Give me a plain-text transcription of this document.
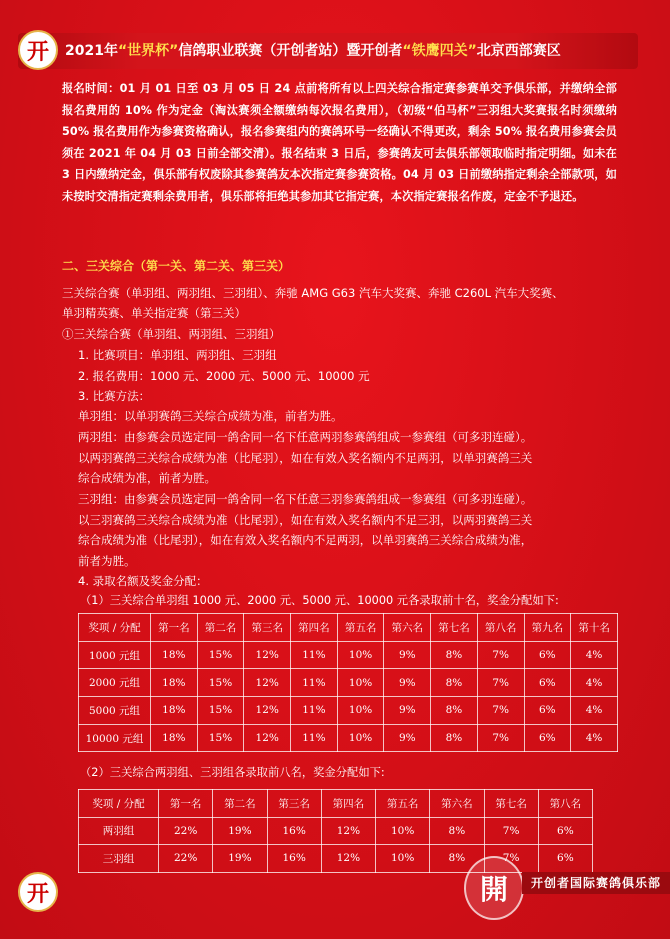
开 2021年“世界杯”信鸽职业联赛（开创者站）暨开创者“铁鹰四关”北京西部赛区
报名时间：01 月 01 日至 03 月 05 日 24 点前将所有以上四关综合指定赛参赛单交予俱乐部，并缴纳全部报名费用的 10% 作为定金（淘汰赛须全额缴纳每次报名费用），（初级“伯马杯”三羽组大奖赛报名时须缴纳 50% 报名费用作为参赛资格确认，报名参赛组内的赛鸽环号一经确认不得更改，剩余 50% 报名费用参赛会员须在 2021 年 04 月 03 日前全部交清）。报名结束 3 日后，参赛鸽友可去俱乐部领取临时指定明细。如未在 3 日内缴纳定金，俱乐部有权废除其参赛鸽友本次指定赛参赛资格。04 月 03 日前缴纳指定剩余全部款项，如未按时交清指定赛剩余费用者，俱乐部将拒绝其参加其它指定赛，本次指定赛报名作废，定金不予退还。
二、三关综合（第一关、第二关、第三关）
三关综合赛（单羽组、两羽组、三羽组）、奔驰 AMG G63 汽车大奖赛、奔驰 C260L 汽车大奖赛、
单羽精英赛、单关指定赛（第三关）
①三关综合赛（单羽组、两羽组、三羽组）
1. 比赛项目：单羽组、两羽组、三羽组
2. 报名费用：1000 元、2000 元、5000 元、10000 元
3. 比赛方法：
单羽组：以单羽赛鸽三关综合成绩为准，前者为胜。
两羽组：由参赛会员选定同一鸽舍同一名下任意两羽参赛鸽组成一参赛组（可多羽连碰）。
以两羽赛鸽三关综合成绩为准（比尾羽），如在有效入奖名额内不足两羽，以单羽赛鸽三关
综合成绩为准，前者为胜。
三羽组：由参赛会员选定同一鸽舍同一名下任意三羽参赛鸽组成一参赛组（可多羽连碰）。
以三羽赛鸽三关综合成绩为准（比尾羽），如在有效入奖名额内不足三羽，以两羽赛鸽三关
综合成绩为准（比尾羽），如在有效入奖名额内不足两羽，以单羽赛鸽三关综合成绩为准，
前者为胜。
4. 录取名额及奖金分配：
（1）三关综合单羽组 1000 元、2000 元、5000 元、10000 元各录取前十名，奖金分配如下:
奖项 / 分配	第一名	第二名	第三名	第四名	第五名	第六名	第七名	第八名	第九名	第十名
1000 元组	18%	15%	12%	11%	10%	9%	8%	7%	6%	4%
2000 元组	18%	15%	12%	11%	10%	9%	8%	7%	6%	4%
5000 元组	18%	15%	12%	11%	10%	9%	8%	7%	6%	4%
10000 元组	18%	15%	12%	11%	10%	9%	8%	7%	6%	4%
（2）三关综合两羽组、三羽组各录取前八名，奖金分配如下:
奖项 / 分配	第一名	第二名	第三名	第四名	第五名	第六名	第七名	第八名
两羽组	22%	19%	16%	12%	10%	8%	7%	6%
三羽组	22%	19%	16%	12%	10%	8%	7%	6%
开	開	开创者国际赛鸽俱乐部
